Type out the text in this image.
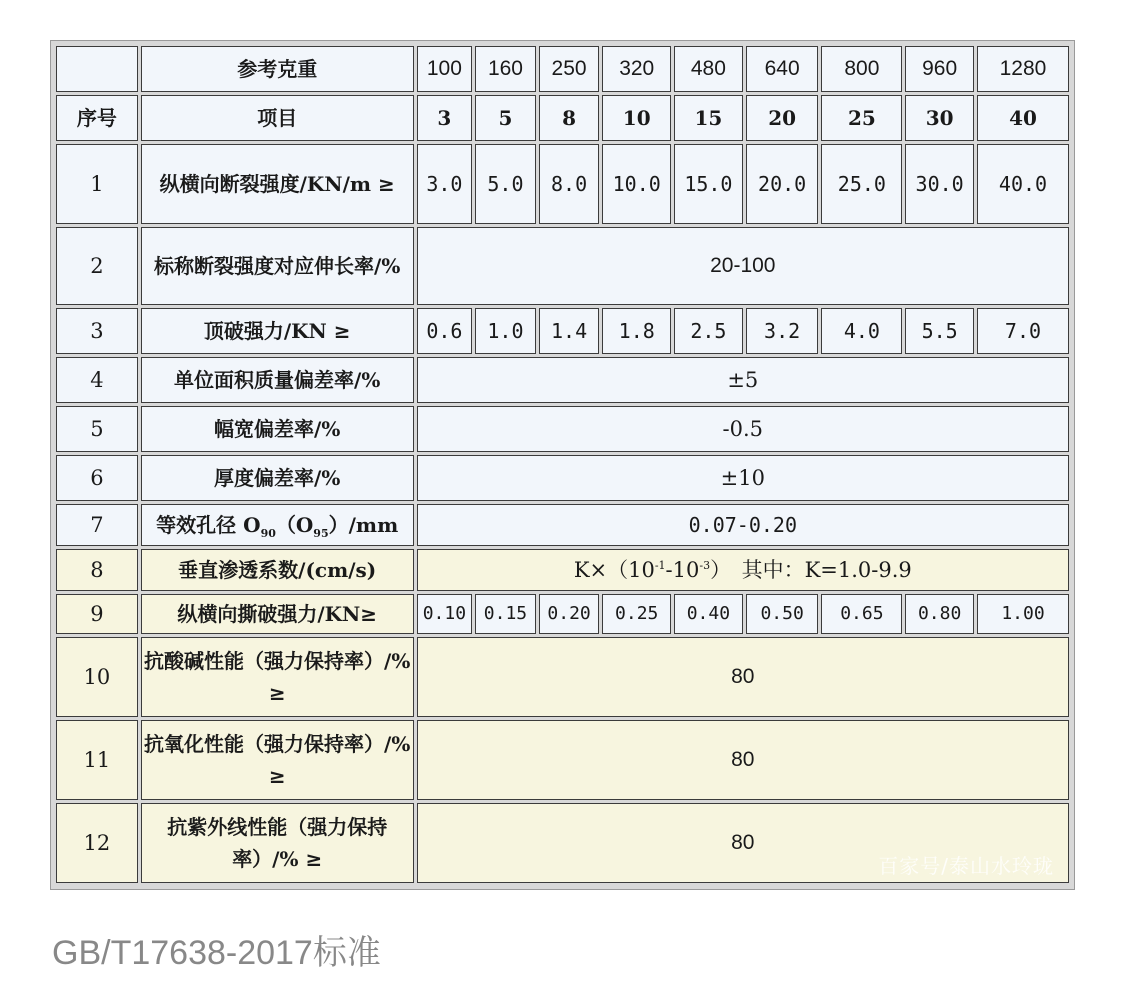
	参考克重	100	160	250	320	480	640	800	960	1280
序号	项目	3	5	8	10	15	20	25	30	40
1	纵横向断裂强度/KN/m ≥	3.0	5.0	8.0	10.0	15.0	20.0	25.0	30.0	40.0
2	标称断裂强度对应伸长率/%	20-100								
3	顶破强力/KN ≥	0.6	1.0	1.4	1.8	2.5	3.2	4.0	5.5	7.0
4	单位面积质量偏差率/%	±5								
5	幅宽偏差率/%	-0.5								
6	厚度偏差率/%	±10								
7	等效孔径 $O_{90}(O_{95})/mm$	0.07-0.20								
8	垂直渗透系数/(cm/s)	$K\times(10^{-1}-10^{-3})$　其中：K=1.0-9.9								
9	纵横向撕破强力/KN≥	0.10	0.15	0.20	0.25	0.40	0.50	0.65	0.80	1.00
10	抗酸碱性能（强力保持率）/% ≥	80								
11	抗氧化性能（强力保持率）/% ≥	80								
12	抗紫外线性能（强力保持率）/% ≥	80								
百家号/泰山水玲珑
GB/T17638-2017标准
